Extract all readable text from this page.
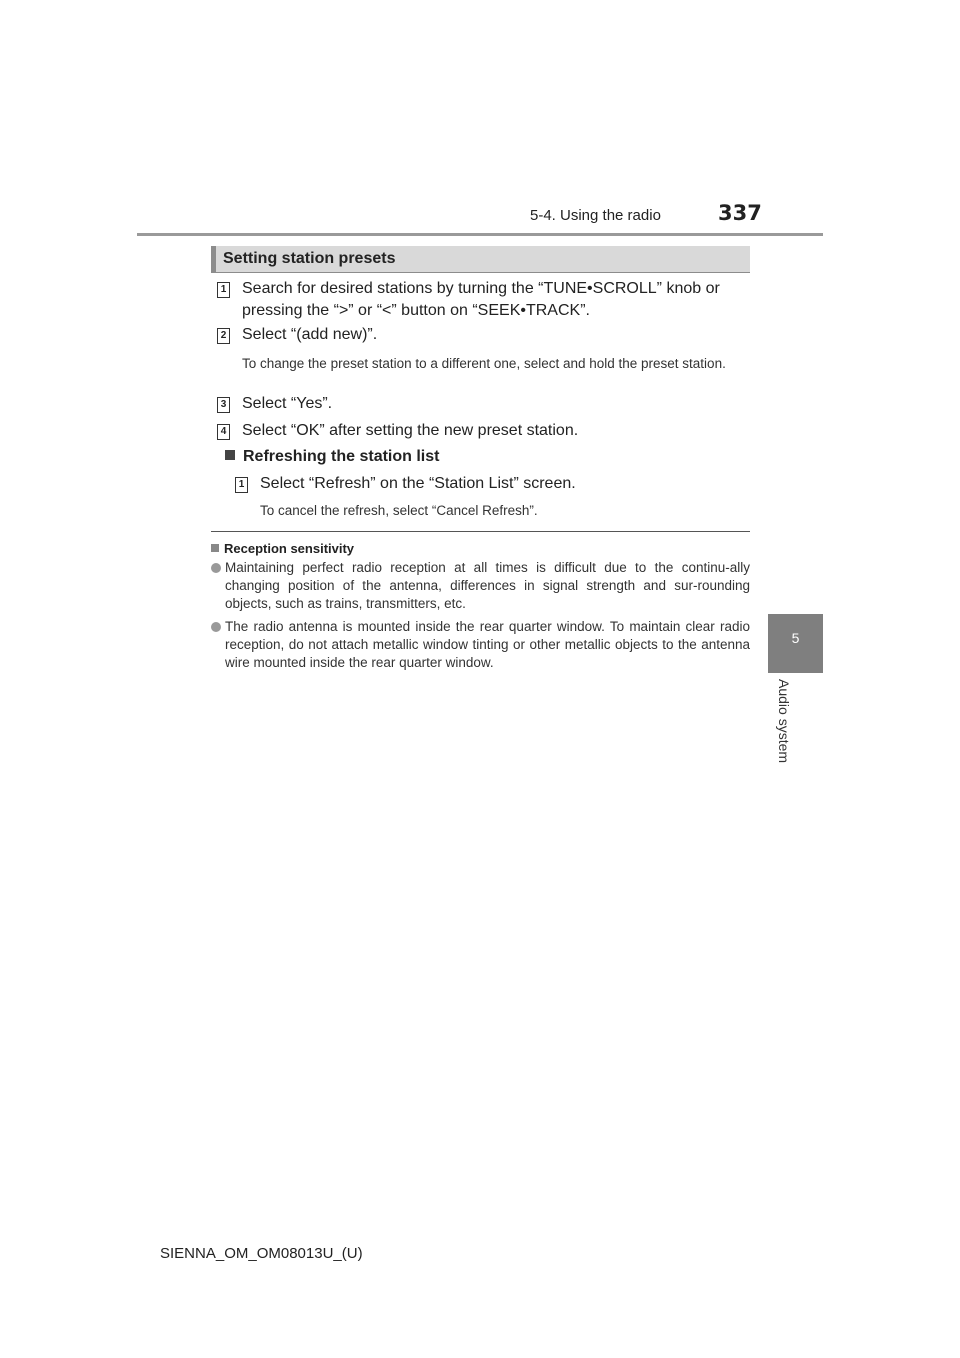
5-4. Using the radio	337
5
Audio system
Setting station presets
1 Search for desired stations by turning the “TUNE•SCROLL” knob or
pressing the “>” or “<” button on “SEEK•TRACK”.
2 Select “(add new)”.
To change the preset station to a different one, select and hold the preset station.
3 Select “Yes”.
4 Select “OK” after setting the new preset station.
Refreshing the station list
1 Select “Refresh” on the “Station List” screen.
To cancel the refresh, select “Cancel Refresh”.
Reception sensitivity
Maintaining perfect radio reception at all times is difficult due to the continu-ally changing position of the antenna, differences in signal strength and sur-rounding objects, such as trains, transmitters, etc.
The radio antenna is mounted inside the rear quarter window. To maintain clear radio reception, do not attach metallic window tinting or other metallic objects to the antenna wire mounted inside the rear quarter window.
SIENNA_OM_OM08013U_(U)
